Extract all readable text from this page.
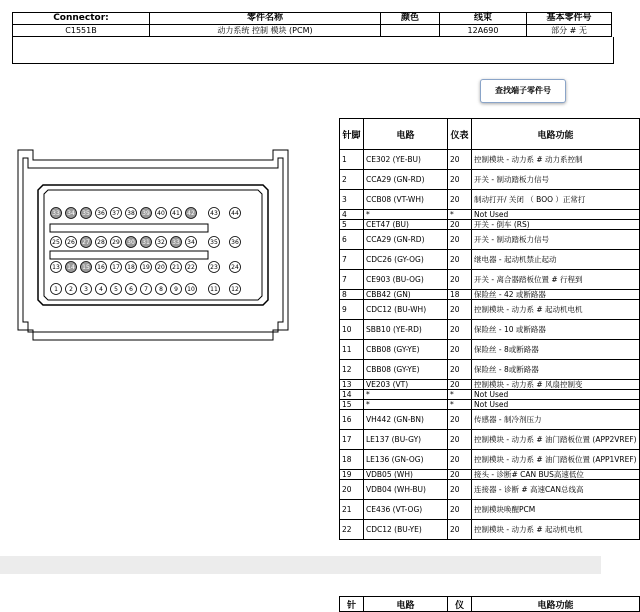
Connector:	零件名称	颜色	线束	基本零件号
C1551B	动力系统 控制 模块 (PCM)		12A690	部分 # 无
查找端子零件号
33 34 35 36 37 38 39 40 41 42	43 44
25 26 27 28 29 30 31 32 33 34	35 36
13 14 15 16 17 18 19 20 21 22	23 24
1 2 3 4 5 6 7 8 9 10	11 12
针脚	电路	仪表	电路功能
1	CE302 (YE-BU)	20	控制模块 - 动力系 # 动力系控制
2	CCA29 (GN-RD)	20	开关 - 制动踏板力信号
3	CCB08 (VT-WH)	20	制动打开/ 关闭 （ BOO ）正常打
4	*	*	Not Used
5	CET47 (BU)	20	开关 - 倒车 (RS)
6	CCA29 (GN-RD)	20	开关 - 制动踏板力信号
7	CDC26 (GY-OG)	20	继电器 - 起动机禁止起动
7	CE903 (BU-OG)	20	开关 - 离合器踏板位置 # 行程到
8	CBB42 (GN)	18	保险丝 - 42 或断路器
9	CDC12 (BU-WH)	20	控制模块 - 动力系 # 起动机电机
10	SBB10 (YE-RD)	20	保险丝 - 10 或断路器
11	CBB08 (GY-YE)	20	保险丝 - 8或断路器
12	CBB08 (GY-YE)	20	保险丝 - 8或断路器
13	VE203 (VT)	20	控制模块 - 动力系 # 风扇控制变
14	*	*	Not Used
15	*	*	Not Used
16	VH442 (GN-BN)	20	传感器 - 制冷剂压力
17	LE137 (BU-GY)	20	控制模块 - 动力系 # 油门踏板位置 (APP2VREF)
18	LE136 (GN-OG)	20	控制模块 - 动力系 # 油门踏板位置 (APP1VREF)
19	VDB05 (WH)	20	接头 - 诊断# CAN BUS高速低位
20	VDB04 (WH-BU)	20	连接器 - 诊断 # 高速CAN总线高
21	CE436 (VT-OG)	20	控制模块唤醒PCM
22	CDC12 (BU-YE)	20	控制模块 - 动力系 # 起动机电机
针	电路	仪	电路功能
